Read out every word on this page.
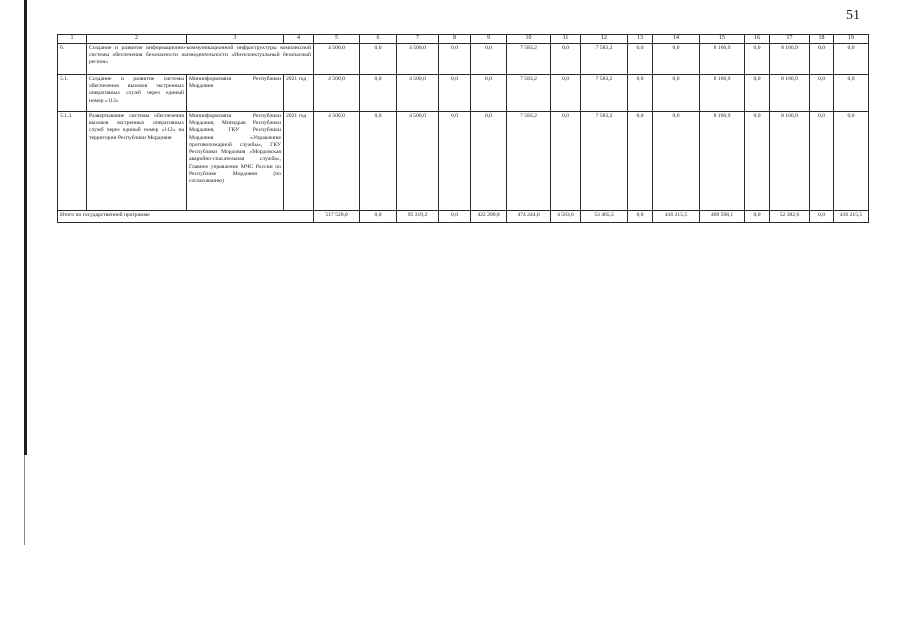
51
1	2	3	4	5	6	7	8	9	10	11	12	13	14	15	16	17	18	19
6.	Создание и развитие информационно-коммуникационной инфраструктуры комплексной системы обеспечения безопасности жизнедеятельности «Интеллектуальный безопасный регион»			4 500,0	0,0	4 500,0	0,0	0,0	7 583,2	0,0	7 583,2	0,0	0,0	8 166,9	0,0	8 166,9	0,0	0,0
5.1.	Создание и развитие системы обеспечения вызовов экстренных оперативных служб через единый номер «112»	Мининформсвязи Республики Мордовия	2021 год	4 500,0	0,0	4 500,0	0,0	0,0	7 583,2	0,0	7 583,2	0,0	0,0	8 166,9	0,0	8 166,9	0,0	0,0
5.1.3.	Развертывание системы обеспечения вызовов экстренных оперативных служб через единый номер «112» на территории Республики Мордовия	Мининформсвязи Республики Мордовия, Минздрав Республики Мордовия, ГКУ Республики Мордовия «Управление противопожарной службы», ГКУ Республики Мордовия «Мордовская аварийно-спасательная служба», Главное управление МЧС России по Республике Мордовия (по согласованию)	2021 год	4 500,0	0,0	4 500,0	0,0	0,0	7 583,2	0,0	7 583,2	0,0	0,0	8 166,9	0,0	8 166,9	0,0	0,0
Итого по государственной программе				517 520,0	0,0	95 319,2	0,0	422 200,8	474 244,6	4 563,6	53 465,5	0,0	416 215,5	468 598,1	0,0	52 382,6	0,0	416 215,5
